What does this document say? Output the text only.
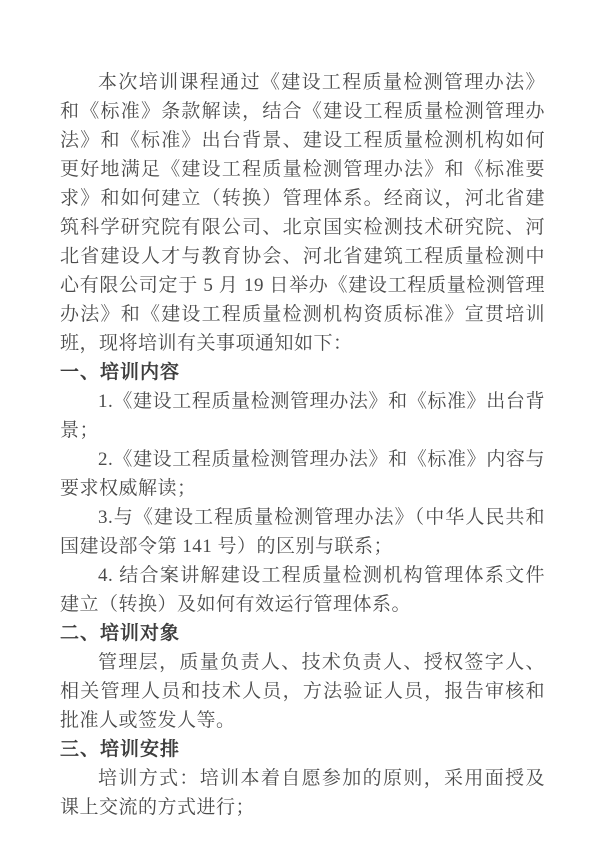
本次培训课程通过《建设工程质量检测管理办法》和《标准》条款解读，结合《建设工程质量检测管理办法》和《标准》出台背景、建设工程质量检测机构如何更好地满足《建设工程质量检测管理办法》和《标准要求》和如何建立（转换）管理体系。经商议，河北省建筑科学研究院有限公司、北京国实检测技术研究院、河北省建设人才与教育协会、河北省建筑工程质量检测中心有限公司定于 5 月 19 日举办《建设工程质量检测管理办法》和《建设工程质量检测机构资质标准》宣贯培训班，现将培训有关事项通知如下：

一、培训内容

1.《建设工程质量检测管理办法》和《标准》出台背景；

2.《建设工程质量检测管理办法》和《标准》内容与要求权威解读；

3.与《建设工程质量检测管理办法》（中华人民共和国建设部令第 141 号）的区别与联系；

4. 结合案讲解建设工程质量检测机构管理体系文件建立（转换）及如何有效运行管理体系。

二、培训对象

管理层，质量负责人、技术负责人、授权签字人、相关管理人员和技术人员，方法验证人员，报告审核和批准人或签发人等。

三、培训安排

培训方式：培训本着自愿参加的原则，采用面授及课上交流的方式进行；
